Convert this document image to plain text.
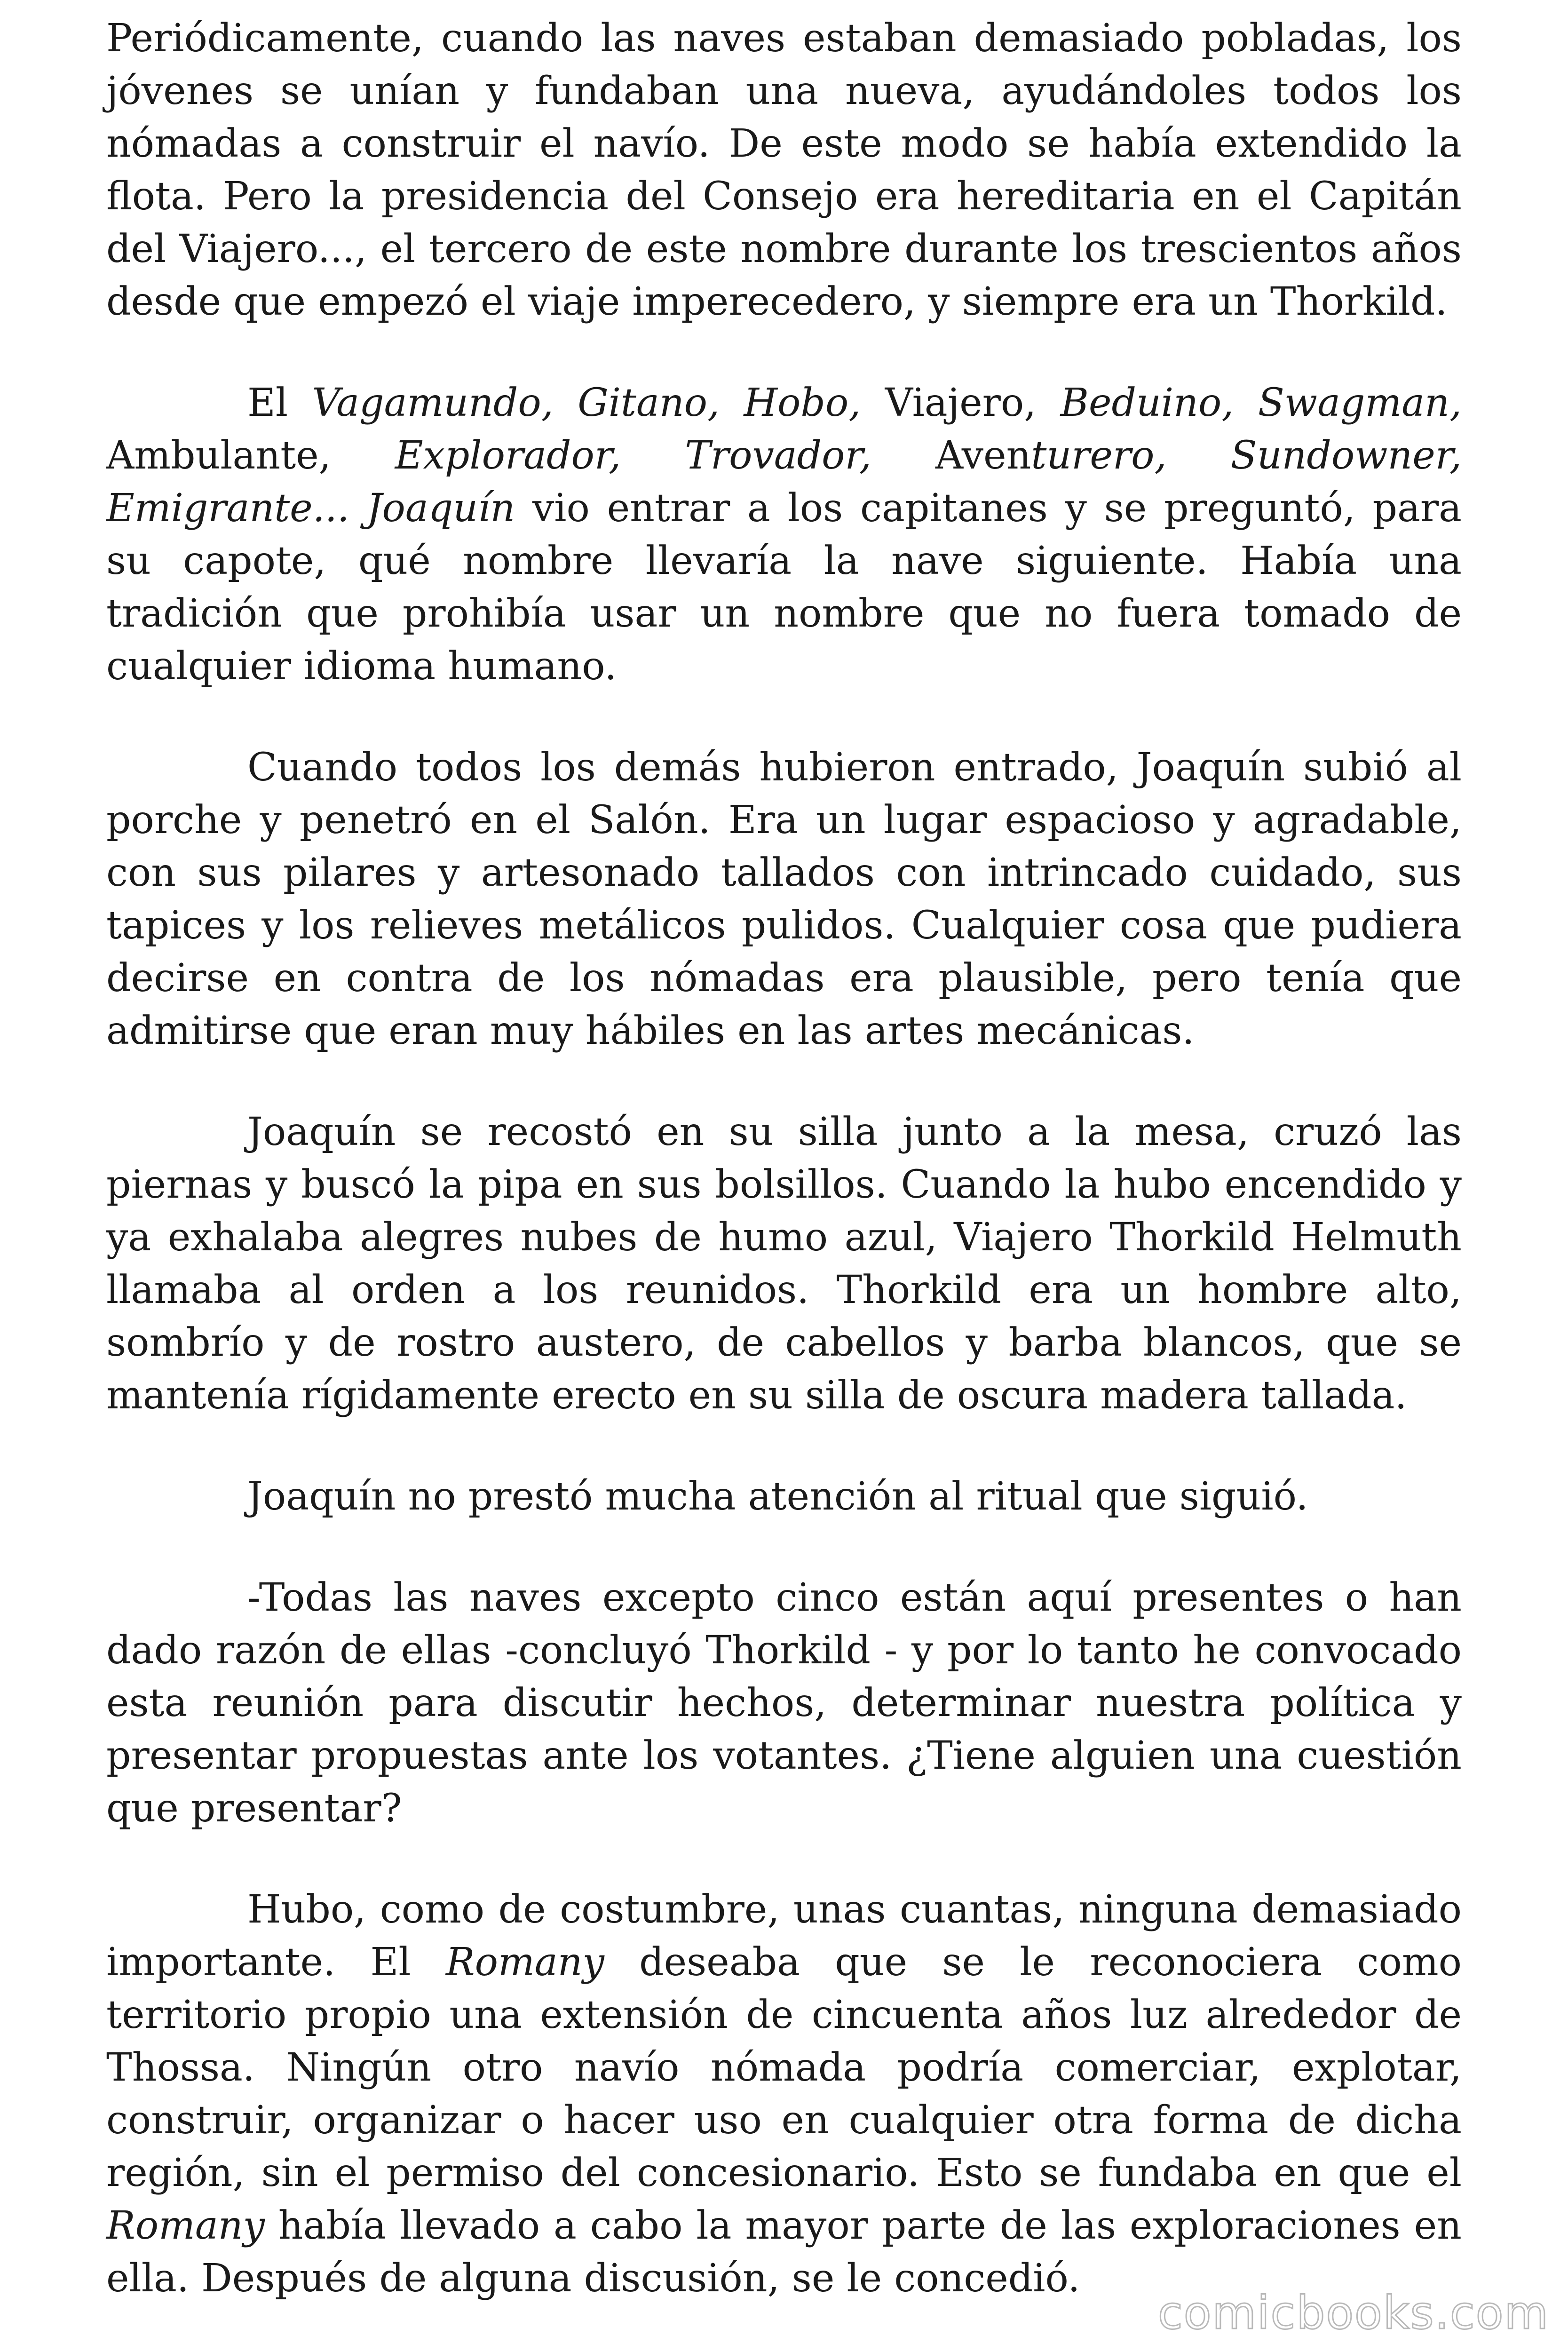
Periódicamente, cuando las naves estaban demasiado pobladas, los jóvenes se unían y fundaban una nueva, ayudándoles todos los nómadas a construir el navío. De este modo se había extendido la flota. Pero la presidencia del Consejo era hereditaria en el Capitán del Viajero..., el tercero de este nombre durante los trescientos años desde que empezó el viaje imperecedero, y siempre era un Thorkild.

El Vagamundo, Gitano, Hobo, Viajero, Beduino, Swagman, Ambulante, Explorador, Trovador, Aventurero, Sundowner, Emigrante... Joaquín vio entrar a los capitanes y se preguntó, para su capote, qué nombre llevaría la nave siguiente. Había una tradición que prohibía usar un nombre que no fuera tomado de cualquier idioma humano.

Cuando todos los demás hubieron entrado, Joaquín subió al porche y penetró en el Salón. Era un lugar espacioso y agradable, con sus pilares y artesonado tallados con intrincado cuidado, sus tapices y los relieves metálicos pulidos. Cualquier cosa que pudiera decirse en contra de los nómadas era plausible, pero tenía que admitirse que eran muy hábiles en las artes mecánicas.

Joaquín se recostó en su silla junto a la mesa, cruzó las piernas y buscó la pipa en sus bolsillos. Cuando la hubo encendido y ya exhalaba alegres nubes de humo azul, Viajero Thorkild Helmuth llamaba al orden a los reunidos. Thorkild era un hombre alto, sombrío y de rostro austero, de cabellos y barba blancos, que se mantenía rígidamente erecto en su silla de oscura madera tallada.

Joaquín no prestó mucha atención al ritual que siguió.

-Todas las naves excepto cinco están aquí presentes o han dado razón de ellas -concluyó Thorkild - y por lo tanto he convocado esta reunión para discutir hechos, determinar nuestra política y presentar propuestas ante los votantes. ¿Tiene alguien una cuestión que presentar?

Hubo, como de costumbre, unas cuantas, ninguna demasiado importante. El Romany deseaba que se le reconociera como territorio propio una extensión de cincuenta años luz alrededor de Thossa. Ningún otro navío nómada podría comerciar, explotar, construir, organizar o hacer uso en cualquier otra forma de dicha región, sin el permiso del concesionario. Esto se fundaba en que el Romany había llevado a cabo la mayor parte de las exploraciones en ella. Después de alguna discusión, se le concedió.

comicbooks.com
